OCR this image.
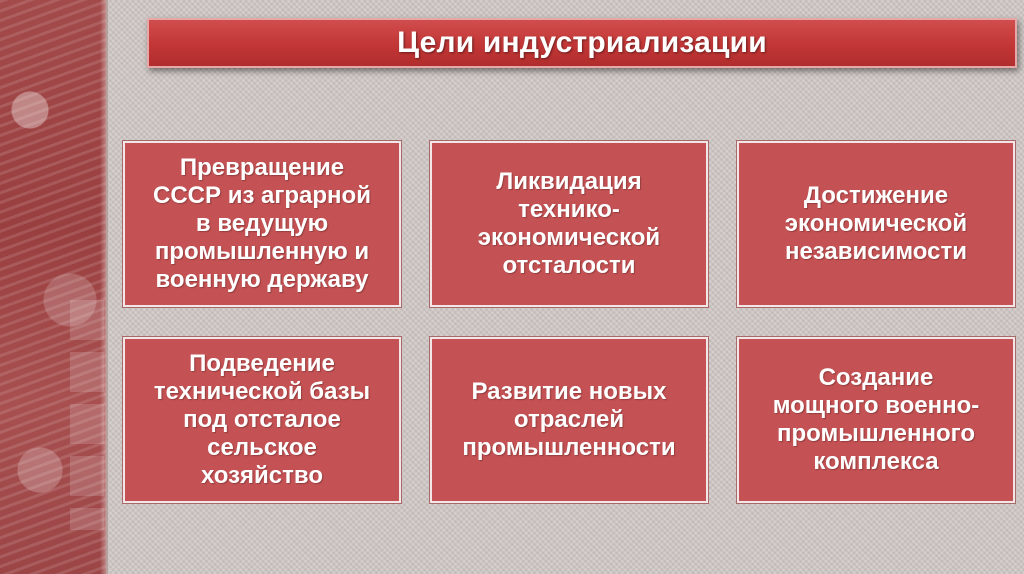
Цели индустриализации
Превращение
СССР из аграрной
в ведущую
промышленную и
военную державу
Ликвидация
технико-
экономической
отсталости
Достижение
экономической
независимости
Подведение
технической базы
под отсталое
сельское
хозяйство
Развитие новых
отраслей
промышленности
Создание
мощного военно-
промышленного
комплекса
